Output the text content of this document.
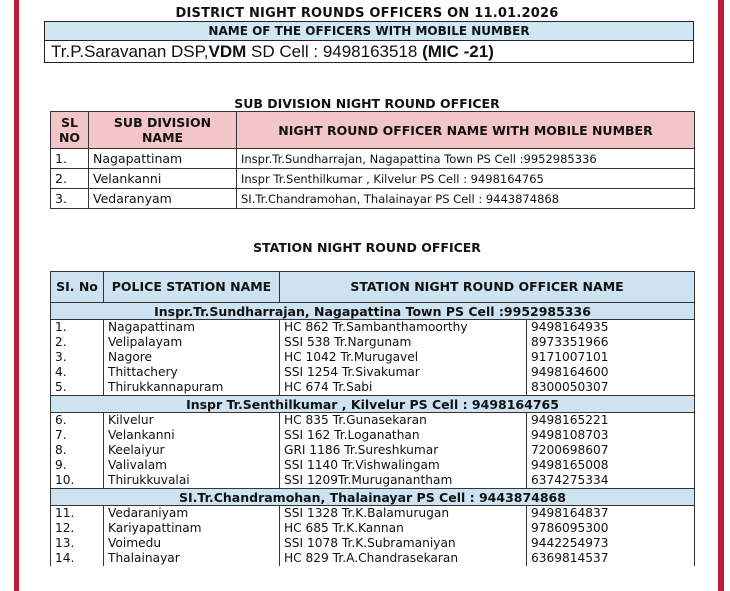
DISTRICT NIGHT ROUNDS OFFICERS ON 11.01.2026
NAME OF THE OFFICERS WITH MOBILE NUMBER
Tr.P.Saravanan DSP,VDM SD Cell : 9498163518 (MIC -21)
SUB DIVISION NIGHT ROUND OFFICER
SL NO	SUB DIVISION NAME	NIGHT ROUND OFFICER NAME WITH MOBILE NUMBER
1.	Nagapattinam	Inspr.Tr.Sundharrajan, Nagapattina Town PS Cell :9952985336
2.	Velankanni	Inspr Tr.Senthilkumar , Kilvelur PS Cell : 9498164765
3.	Vedaranyam	SI.Tr.Chandramohan, Thalainayar PS Cell : 9443874868
STATION NIGHT ROUND OFFICER
SI. No	POLICE STATION NAME	STATION NIGHT ROUND OFFICER NAME	
Inspr.Tr.Sundharrajan, Nagapattina Town PS Cell :9952985336			
1.	Nagapattinam	HC 862 Tr.Sambanthamoorthy	9498164935
2.	Velipalayam	SSI 538 Tr.Nargunam	8973351966
3.	Nagore	HC 1042 Tr.Murugavel	9171007101
4.	Thittachery	SSI 1254 Tr.Sivakumar	9498164600
5.	Thirukkannapuram	HC 674 Tr.Sabi	8300050307
Inspr Tr.Senthilkumar , Kilvelur PS Cell : 9498164765			
6.	Kilvelur	HC 835 Tr.Gunasekaran	9498165221
7.	Velankanni	SSI 162 Tr.Loganathan	9498108703
8.	Keelaiyur	GRI 1186 Tr.Sureshkumar	7200698607
9.	Valivalam	SSI 1140 Tr.Vishwalingam	9498165008
10.	Thirukkuvalai	SSI 1209Tr.Muruganantham	6374275334
SI.Tr.Chandramohan, Thalainayar PS Cell : 9443874868			
11.	Vedaraniyam	SSI 1328 Tr.K.Balamurugan	9498164837
12.	Kariyapattinam	HC 685 Tr.K.Kannan	9786095300
13.	Voimedu	SSI 1078 Tr.K.Subramaniyan	9442254973
14.	Thalainayar	HC 829 Tr.A.Chandrasekaran	6369814537
